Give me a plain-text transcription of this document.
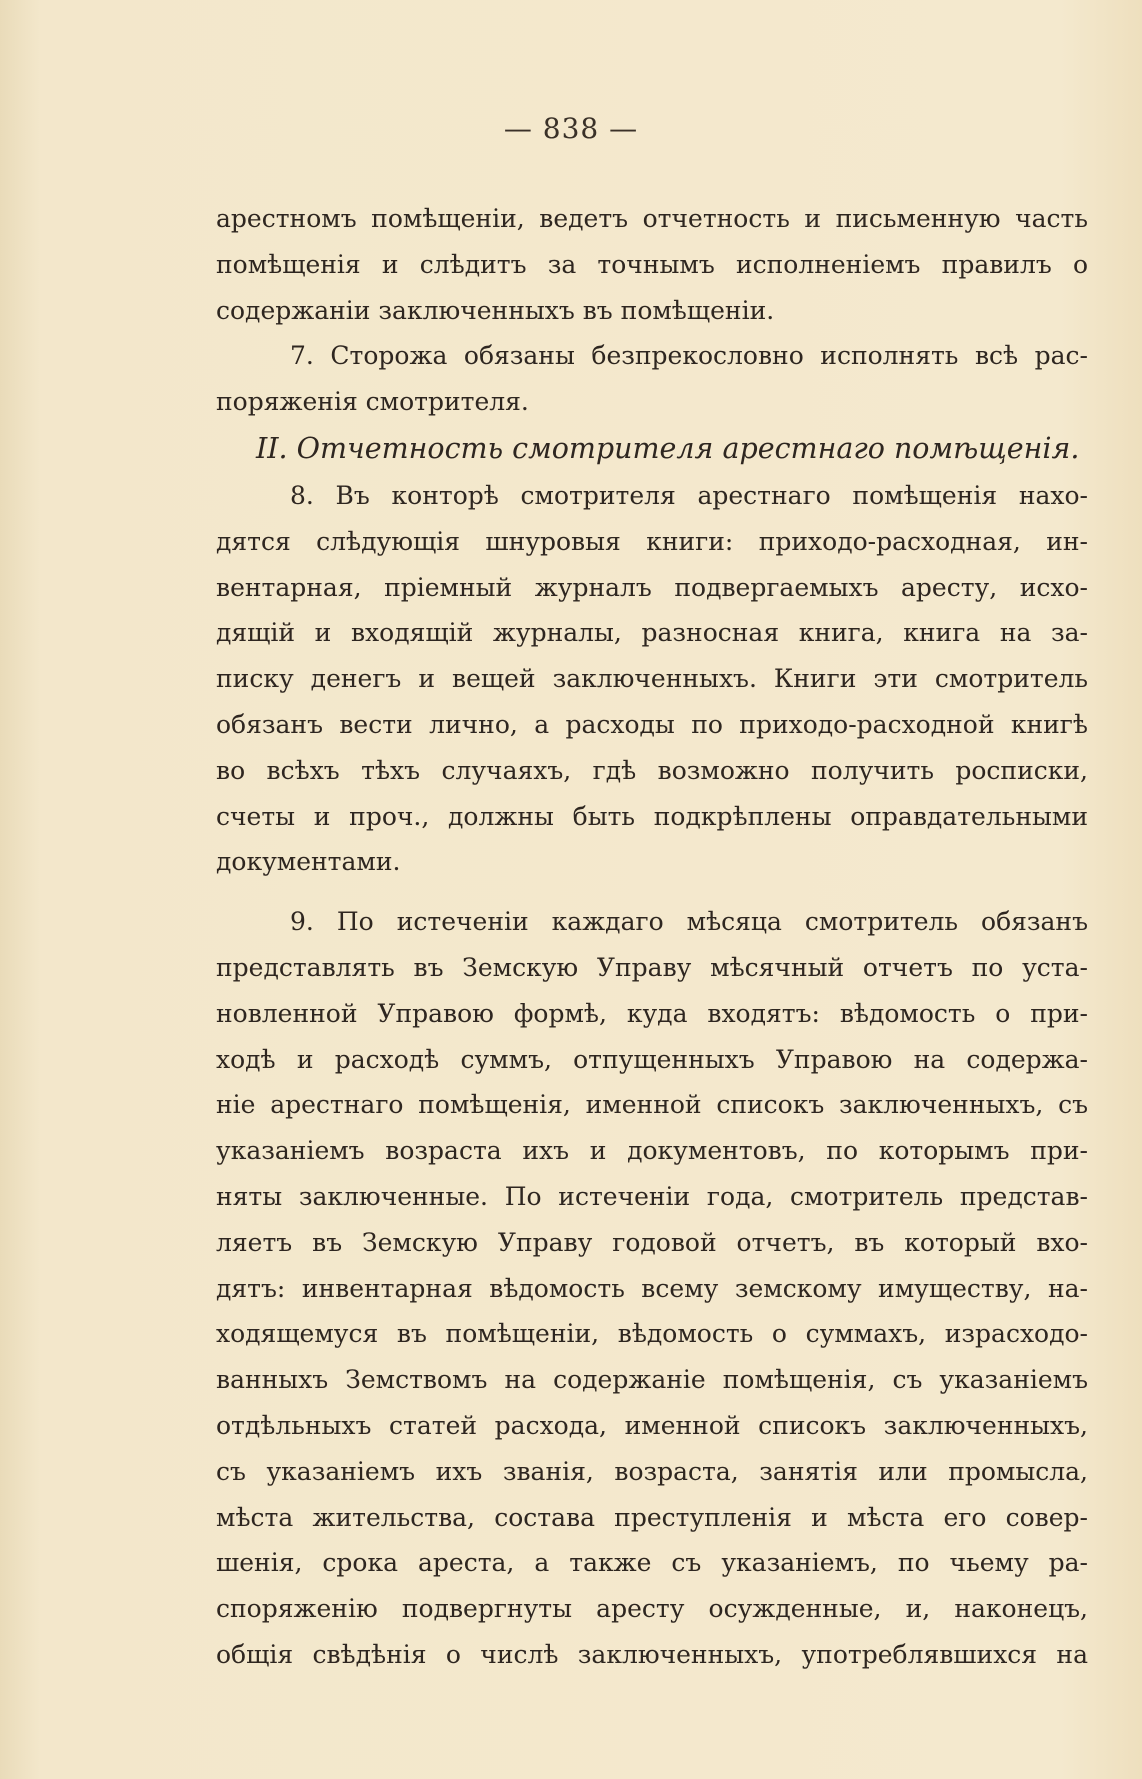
— 838 —
арестномъ помѣщеніи, ведетъ отчетность и письменную часть
помѣщенія и слѣдитъ за точнымъ исполненіемъ правилъ о
содержаніи заключенныхъ въ помѣщеніи.
7. Сторожа обязаны безпрекословно исполнять всѣ рас-
поряженія смотрителя.
II. Отчетность смотрителя арестнаго помѣщенія.
8. Въ конторѣ смотрителя арестнаго помѣщенія нахо-
дятся слѣдующія шнуровыя книги: приходо-расходная, ин-
вентарная, пріемный журналъ подвергаемыхъ аресту, исхо-
дящій и входящій журналы, разносная книга, книга на за-
писку денегъ и вещей заключенныхъ. Книги эти смотритель
обязанъ вести лично, а расходы по приходо-расходной книгѣ
во всѣхъ тѣхъ случаяхъ, гдѣ возможно получить росписки,
счеты и проч., должны быть подкрѣплены оправдательными
документами.
9. По истеченіи каждаго мѣсяца смотритель обязанъ
представлять въ Земскую Управу мѣсячный отчетъ по уста-
новленной Управою формѣ, куда входятъ: вѣдомость о при-
ходѣ и расходѣ суммъ, отпущенныхъ Управою на содержа-
ніе арестнаго помѣщенія, именной списокъ заключенныхъ, съ
указаніемъ возраста ихъ и документовъ, по которымъ при-
няты заключенные. По истеченіи года, смотритель представ-
ляетъ въ Земскую Управу годовой отчетъ, въ который вхо-
дятъ: инвентарная вѣдомость всему земскому имуществу, на-
ходящемуся въ помѣщеніи, вѣдомость о суммахъ, израсходо-
ванныхъ Земствомъ на содержаніе помѣщенія, съ указаніемъ
отдѣльныхъ статей расхода, именной списокъ заключенныхъ,
съ указаніемъ ихъ званія, возраста, занятія или промысла,
мѣста жительства, состава преступленія и мѣста его совер-
шенія, срока ареста, а также съ указаніемъ, по чьему ра-
споряженію подвергнуты аресту осужденные, и, наконецъ,
общія свѣдѣнія о числѣ заключенныхъ, употреблявшихся на
